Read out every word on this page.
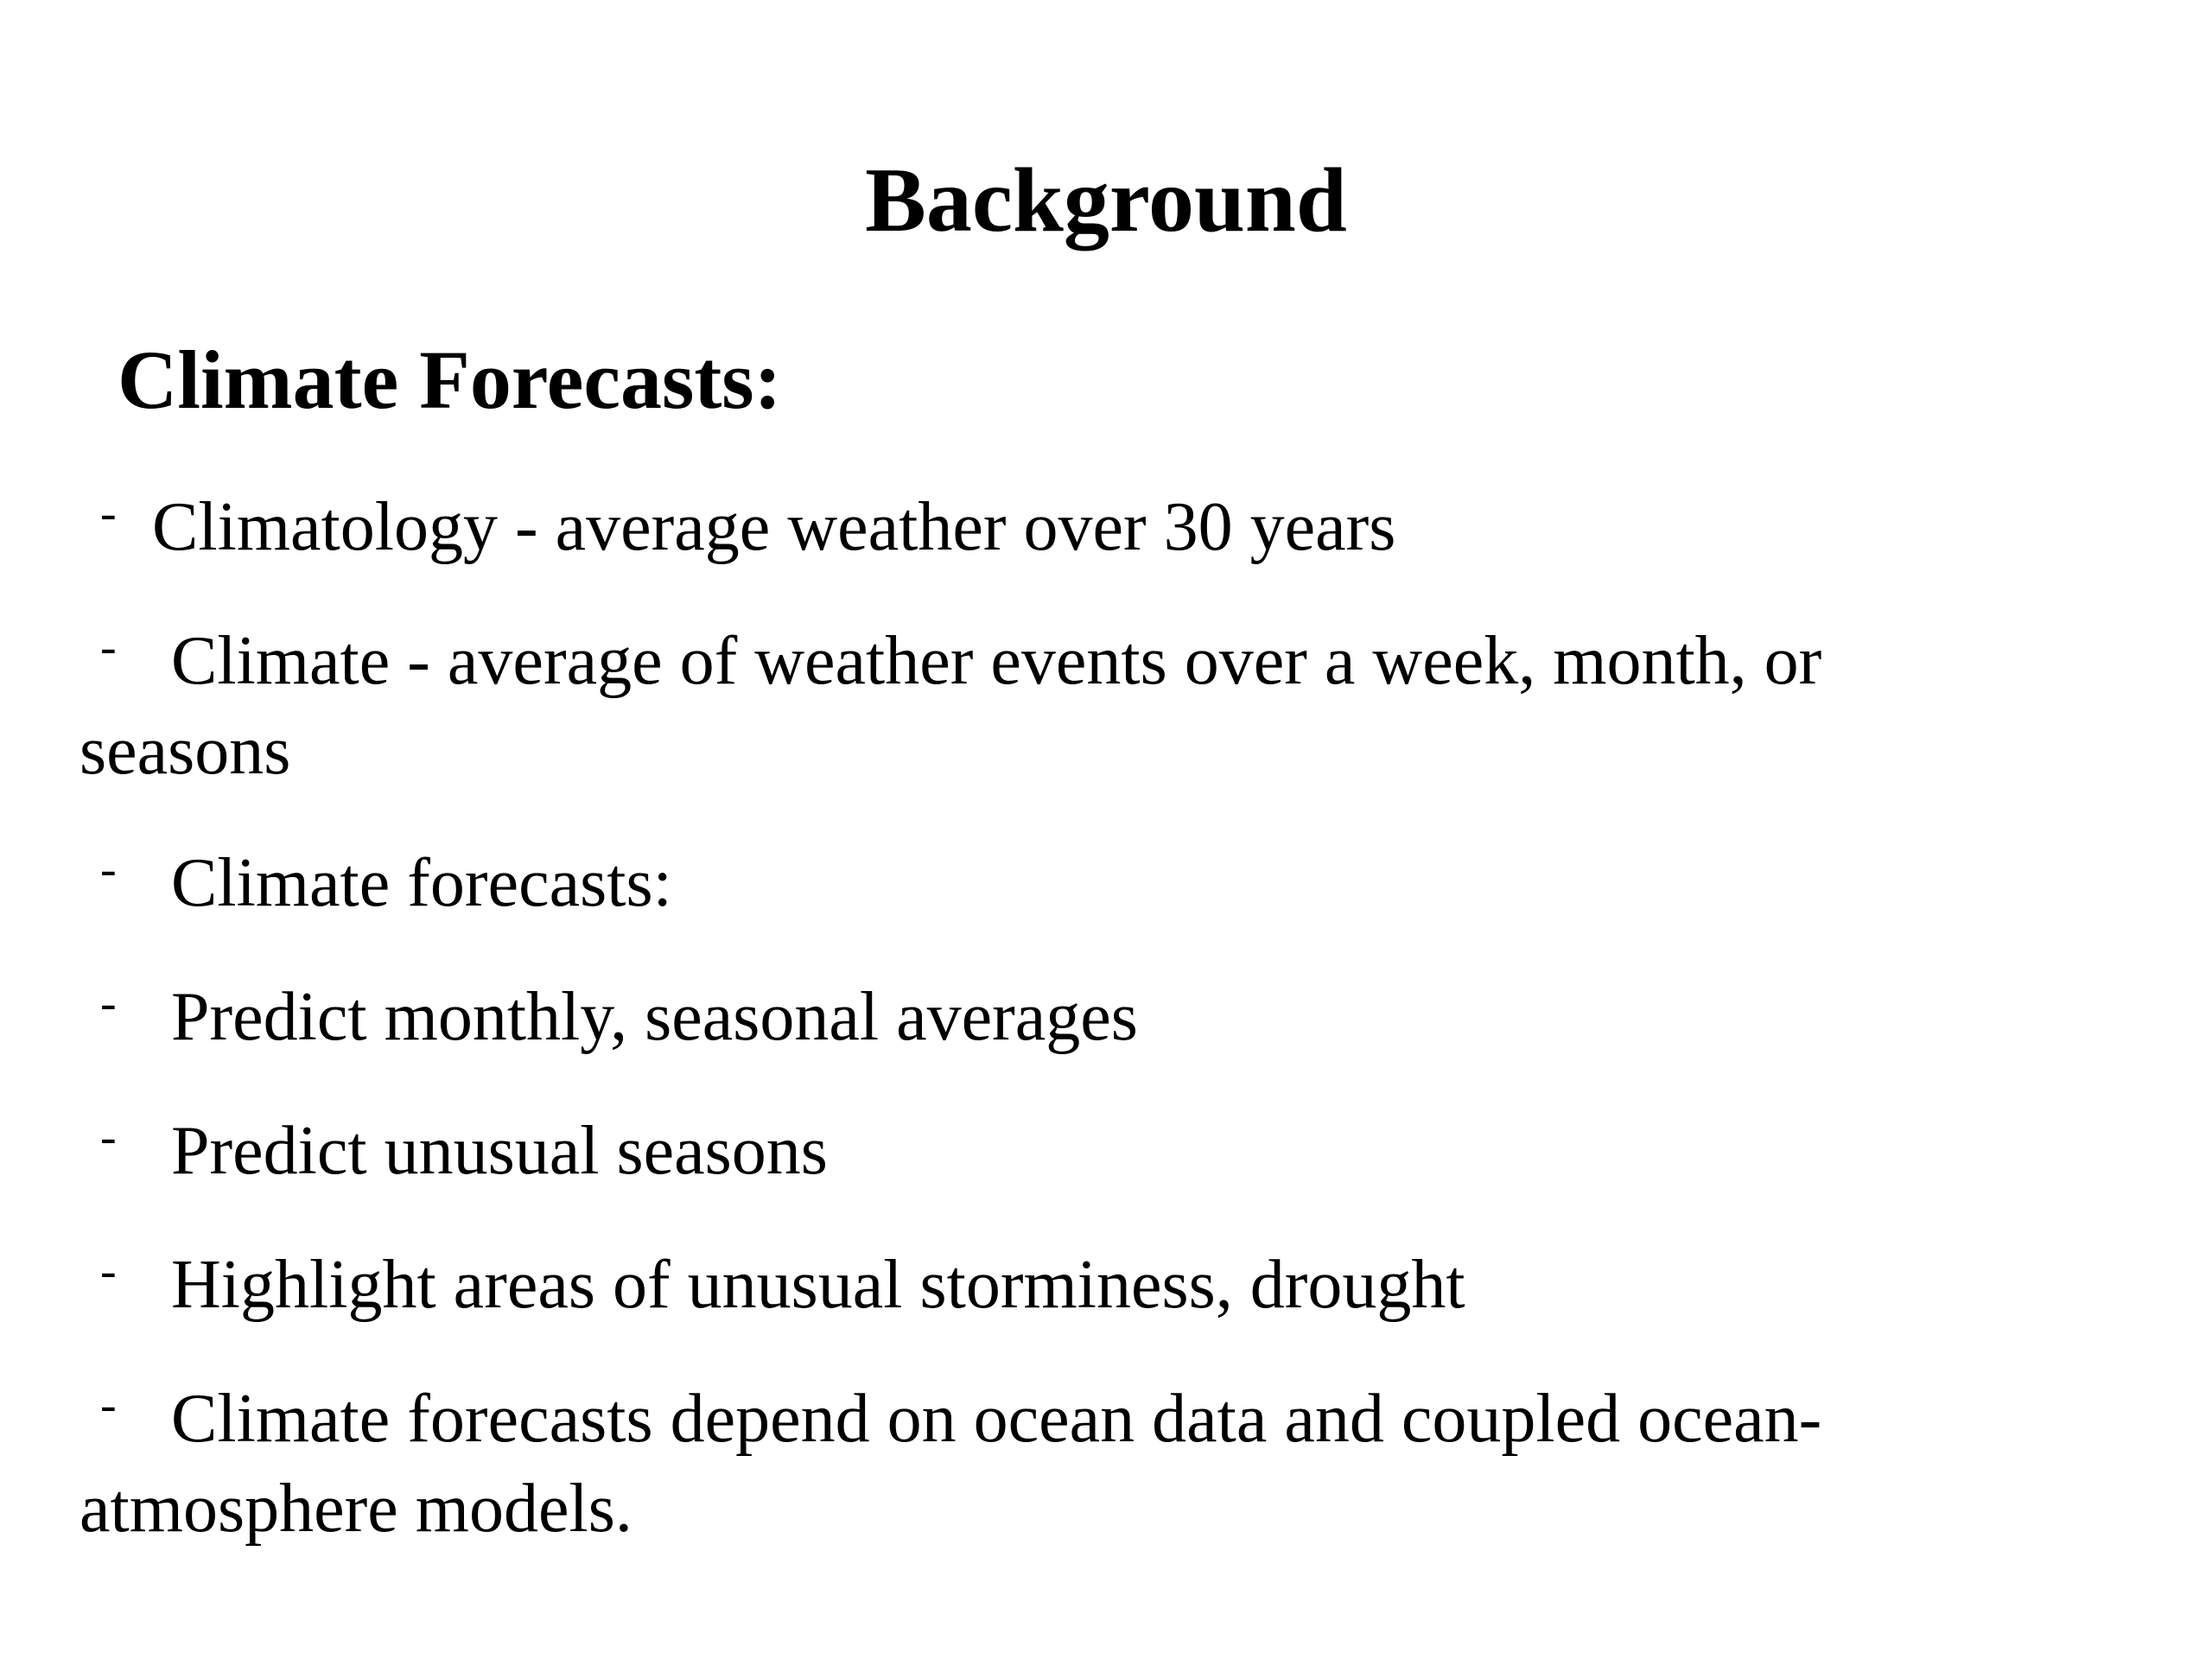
Background
Climate Forecasts:
- Climatology - average weather over 30 years
- Climate - average of weather events over a week, month, or seasons
- Climate forecasts:
- Predict monthly, seasonal averages
- Predict unusual seasons
- Highlight areas of unusual storminess, drought
- Climate forecasts depend on ocean data and coupled ocean-atmosphere models.
